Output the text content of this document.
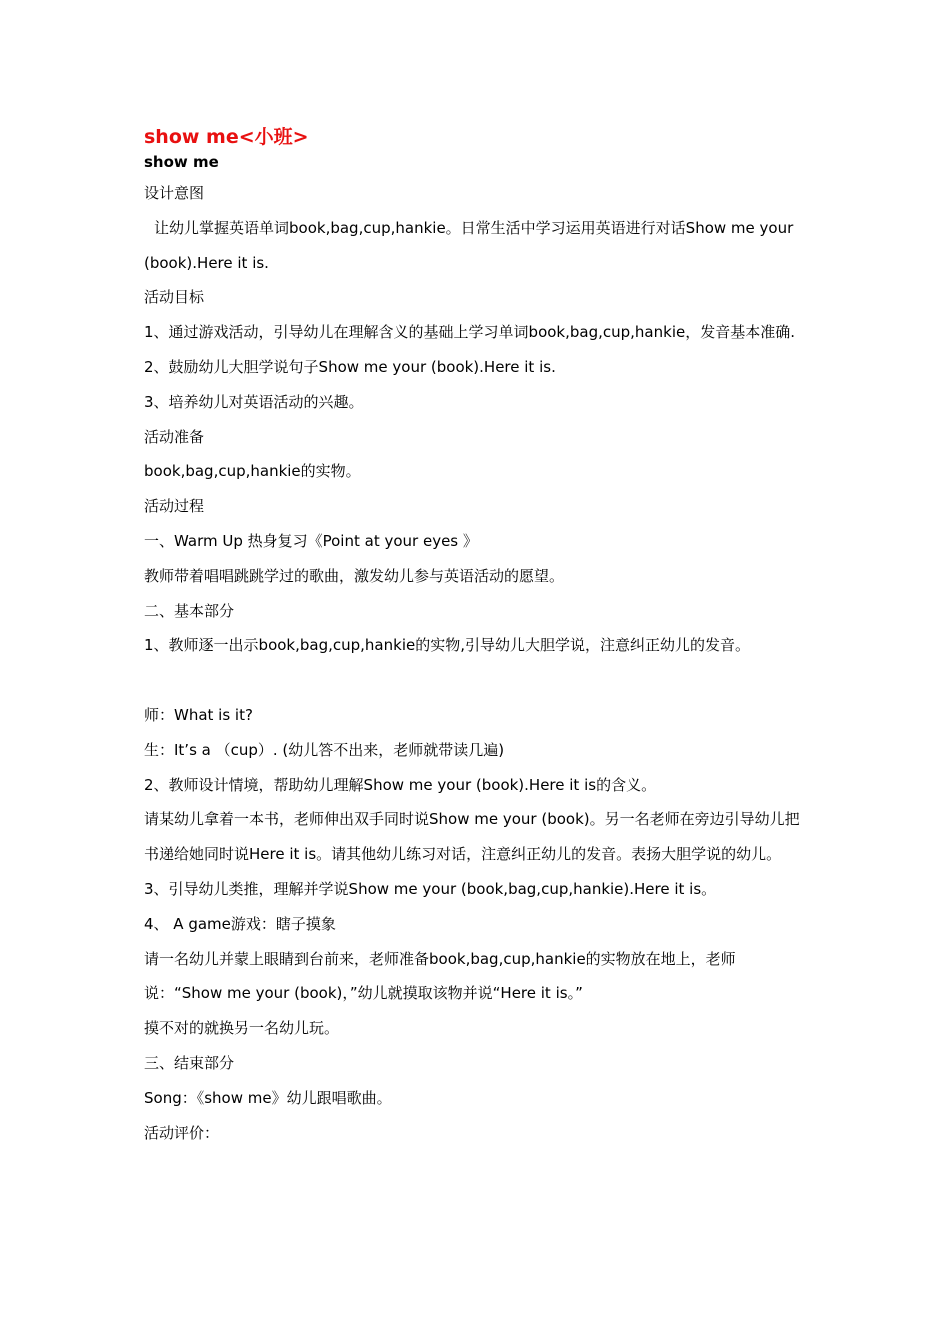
show me<小班>
show me

设计意图

让幼儿掌握英语单词book,bag,cup,hankie。日常生活中学习运用英语进行对话Show me your (book).Here it is.

活动目标

1、通过游戏活动，引导幼儿在理解含义的基础上学习单词book,bag,cup,hankie，发音基本准确.

2、鼓励幼儿大胆学说句子Show me your (book).Here it is.

3、培养幼儿对英语活动的兴趣。

活动准备

book,bag,cup,hankie的实物。

活动过程

一、Warm Up 热身复习《Point at your eyes 》

教师带着唱唱跳跳学过的歌曲，激发幼儿参与英语活动的愿望。

二、基本部分

1、教师逐一出示book,bag,cup,hankie的实物,引导幼儿大胆学说，注意纠正幼儿的发音。

师：What is it?

生：It’s a （cup）. (幼儿答不出来，老师就带读几遍)

2、教师设计情境，帮助幼儿理解Show me your (book).Here it is的含义。

请某幼儿拿着一本书，老师伸出双手同时说Show me your (book)。另一名老师在旁边引导幼儿把书递给她同时说Here it is。请其他幼儿练习对话，注意纠正幼儿的发音。表扬大胆学说的幼儿。

3、引导幼儿类推，理解并学说Show me your (book,bag,cup,hankie).Here it is。

4、 A game游戏：瞎子摸象

请一名幼儿并蒙上眼睛到台前来，老师准备book,bag,cup,hankie的实物放在地上，老师说：“Show me your (book)，”幼儿就摸取该物并说“Here it is。”

摸不对的就换另一名幼儿玩。

三、结束部分

Song：《show me》幼儿跟唱歌曲。

活动评价：
